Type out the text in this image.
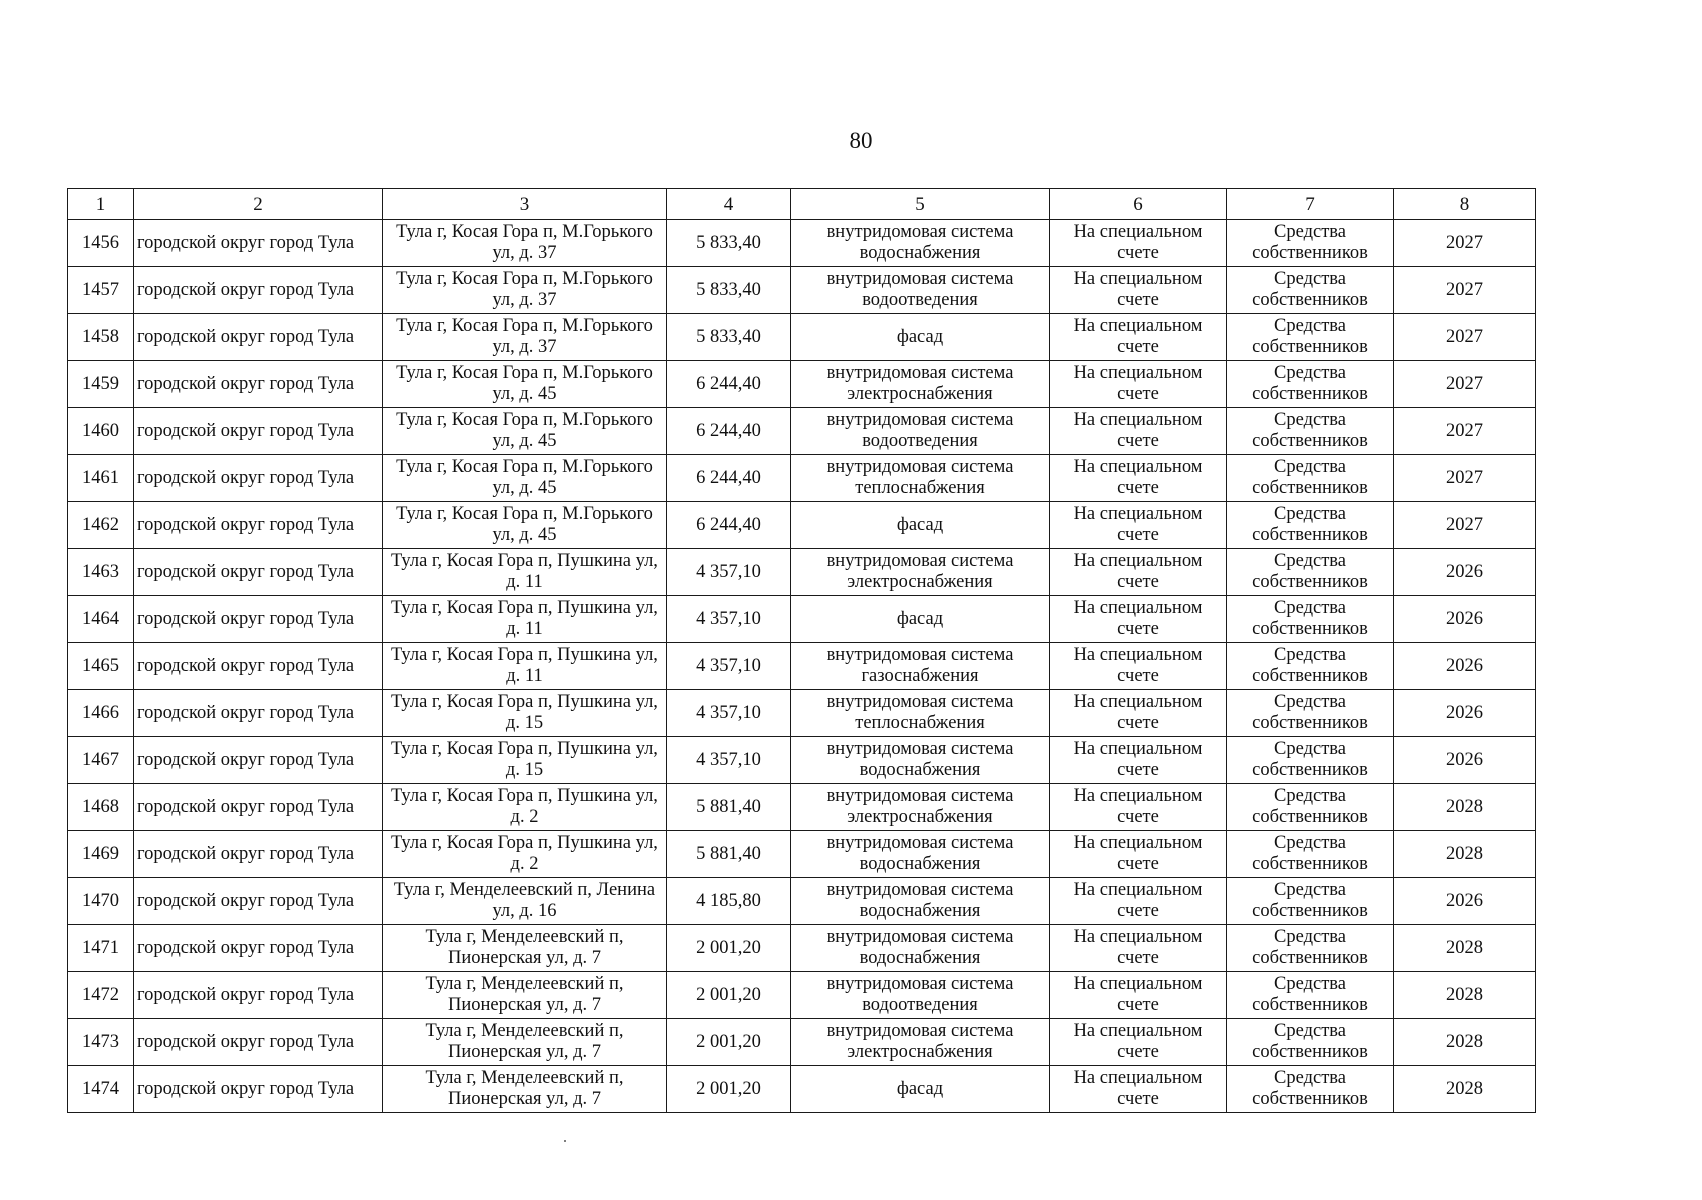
80
1	2	3	4	5	6	7	8
1456	городской округ город Тула	Тула г, Косая Гора п, М.Горького ул, д. 37	5 833,40	внутридомовая система водоснабжения	На специальном счете	Средства собственников	2027
1457	городской округ город Тула	Тула г, Косая Гора п, М.Горького ул, д. 37	5 833,40	внутридомовая система водоотведения	На специальном счете	Средства собственников	2027
1458	городской округ город Тула	Тула г, Косая Гора п, М.Горького ул, д. 37	5 833,40	фасад	На специальном счете	Средства собственников	2027
1459	городской округ город Тула	Тула г, Косая Гора п, М.Горького ул, д. 45	6 244,40	внутридомовая система электроснабжения	На специальном счете	Средства собственников	2027
1460	городской округ город Тула	Тула г, Косая Гора п, М.Горького ул, д. 45	6 244,40	внутридомовая система водоотведения	На специальном счете	Средства собственников	2027
1461	городской округ город Тула	Тула г, Косая Гора п, М.Горького ул, д. 45	6 244,40	внутридомовая система теплоснабжения	На специальном счете	Средства собственников	2027
1462	городской округ город Тула	Тула г, Косая Гора п, М.Горького ул, д. 45	6 244,40	фасад	На специальном счете	Средства собственников	2027
1463	городской округ город Тула	Тула г, Косая Гора п, Пушкина ул, д. 11	4 357,10	внутридомовая система электроснабжения	На специальном счете	Средства собственников	2026
1464	городской округ город Тула	Тула г, Косая Гора п, Пушкина ул, д. 11	4 357,10	фасад	На специальном счете	Средства собственников	2026
1465	городской округ город Тула	Тула г, Косая Гора п, Пушкина ул, д. 11	4 357,10	внутридомовая система газоснабжения	На специальном счете	Средства собственников	2026
1466	городской округ город Тула	Тула г, Косая Гора п, Пушкина ул, д. 15	4 357,10	внутридомовая система теплоснабжения	На специальном счете	Средства собственников	2026
1467	городской округ город Тула	Тула г, Косая Гора п, Пушкина ул, д. 15	4 357,10	внутридомовая система водоснабжения	На специальном счете	Средства собственников	2026
1468	городской округ город Тула	Тула г, Косая Гора п, Пушкина ул, д. 2	5 881,40	внутридомовая система электроснабжения	На специальном счете	Средства собственников	2028
1469	городской округ город Тула	Тула г, Косая Гора п, Пушкина ул, д. 2	5 881,40	внутридомовая система водоснабжения	На специальном счете	Средства собственников	2028
1470	городской округ город Тула	Тула г, Менделеевский п, Ленина ул, д. 16	4 185,80	внутридомовая система водоснабжения	На специальном счете	Средства собственников	2026
1471	городской округ город Тула	Тула г, Менделеевский п, Пионерская ул, д. 7	2 001,20	внутридомовая система водоснабжения	На специальном счете	Средства собственников	2028
1472	городской округ город Тула	Тула г, Менделеевский п, Пионерская ул, д. 7	2 001,20	внутридомовая система водоотведения	На специальном счете	Средства собственников	2028
1473	городской округ город Тула	Тула г, Менделеевский п, Пионерская ул, д. 7	2 001,20	внутридомовая система электроснабжения	На специальном счете	Средства собственников	2028
1474	городской округ город Тула	Тула г, Менделеевский п, Пионерская ул, д. 7	2 001,20	фасад	На специальном счете	Средства собственников	2028
